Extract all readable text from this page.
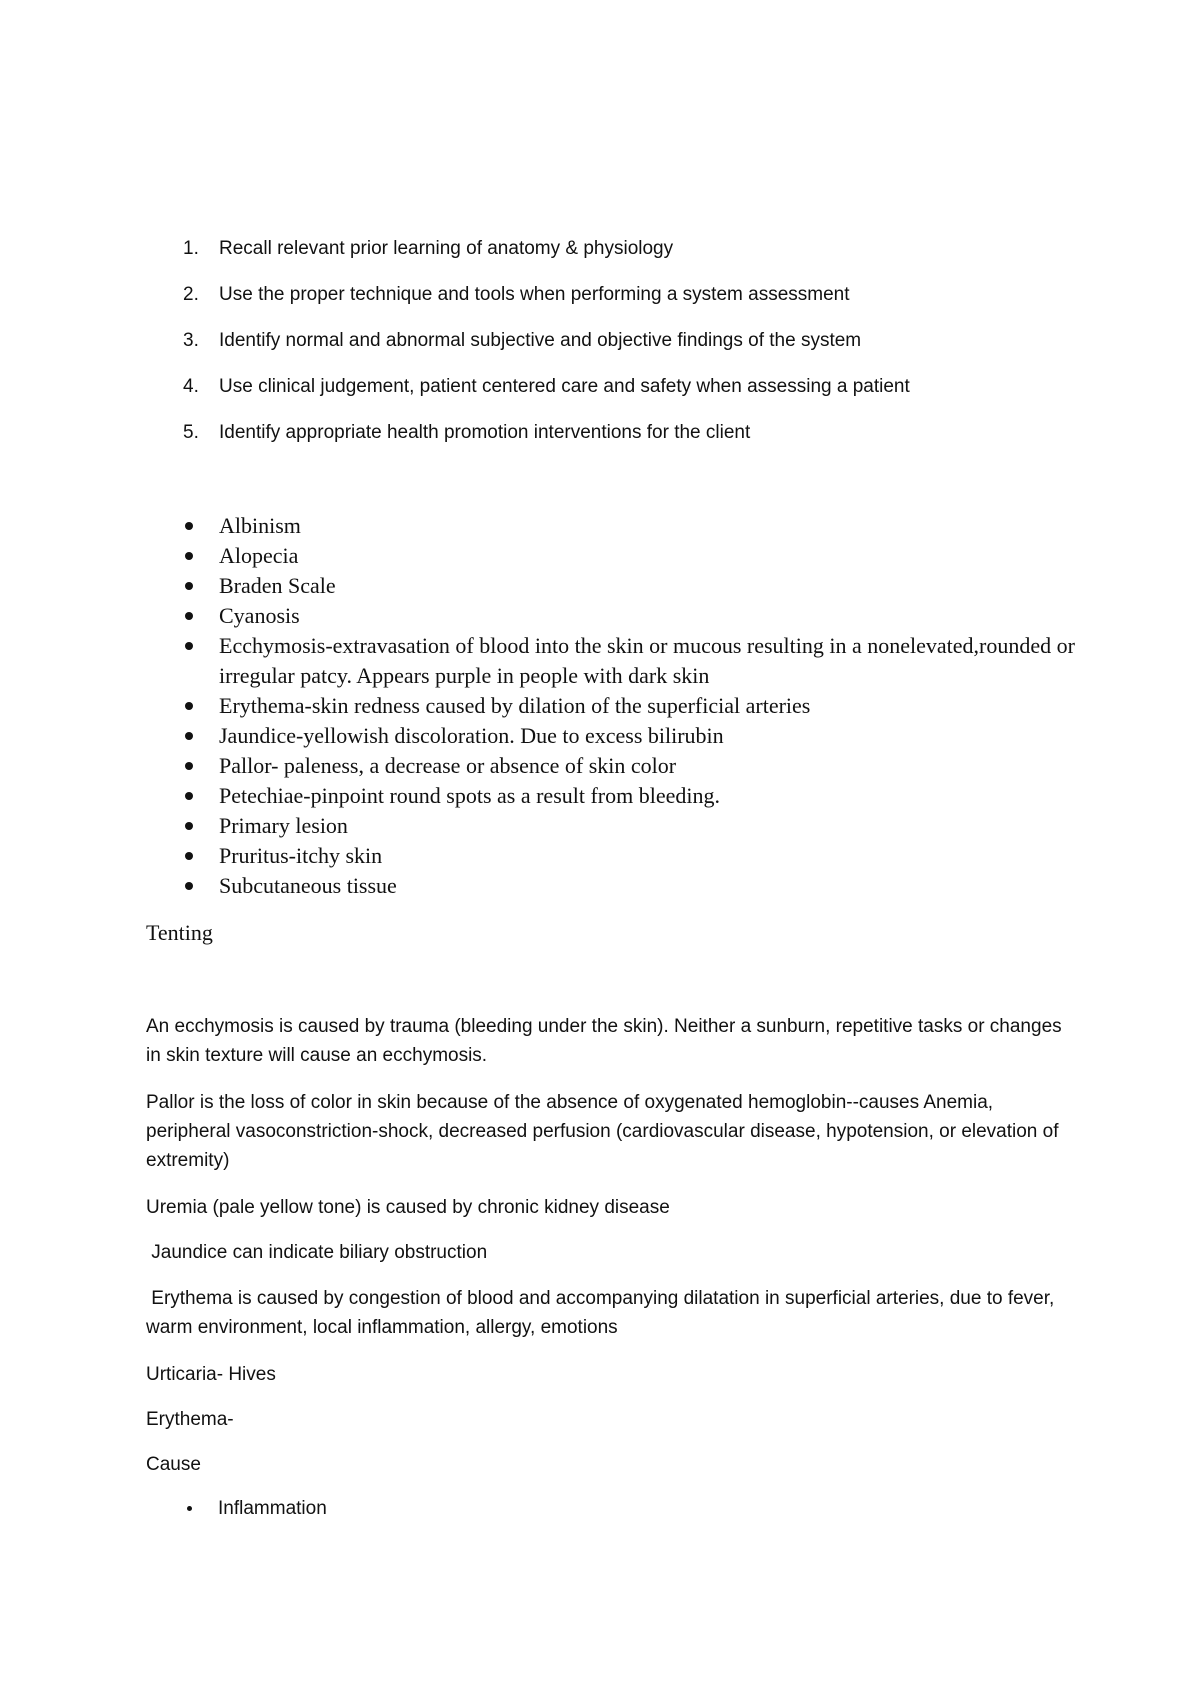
1.	Recall relevant prior learning of anatomy & physiology
2.	Use the proper technique and tools when performing a system assessment
3.	Identify normal and abnormal subjective and objective findings of the system
4.	Use clinical judgement, patient centered care and safety when assessing a patient
5.	Identify appropriate health promotion interventions for the client
Albinism
Alopecia
Braden Scale
Cyanosis
Ecchymosis-extravasation of blood into the skin or mucous resulting in a nonelevated,rounded or irregular patcy. Appears purple in people with dark skin
Erythema-skin redness caused by dilation of the superficial arteries
Jaundice-yellowish discoloration. Due to excess bilirubin
Pallor- paleness, a decrease or absence of skin color
Petechiae-pinpoint round spots as a result from bleeding.
Primary lesion
Pruritus-itchy skin
Subcutaneous tissue
Tenting

An ecchymosis is caused by trauma (bleeding under the skin). Neither a sunburn, repetitive tasks or changes in skin texture will cause an ecchymosis.

Pallor is the loss of color in skin because of the absence of oxygenated hemoglobin--causes Anemia, peripheral vasoconstriction-shock, decreased perfusion (cardiovascular disease, hypotension, or elevation of extremity)

Uremia (pale yellow tone) is caused by chronic kidney disease

Jaundice can indicate biliary obstruction

Erythema is caused by congestion of blood and accompanying dilatation in superficial arteries, due to fever, warm environment, local inflammation, allergy, emotions

Urticaria- Hives

Erythema-

Cause

Inflammation
